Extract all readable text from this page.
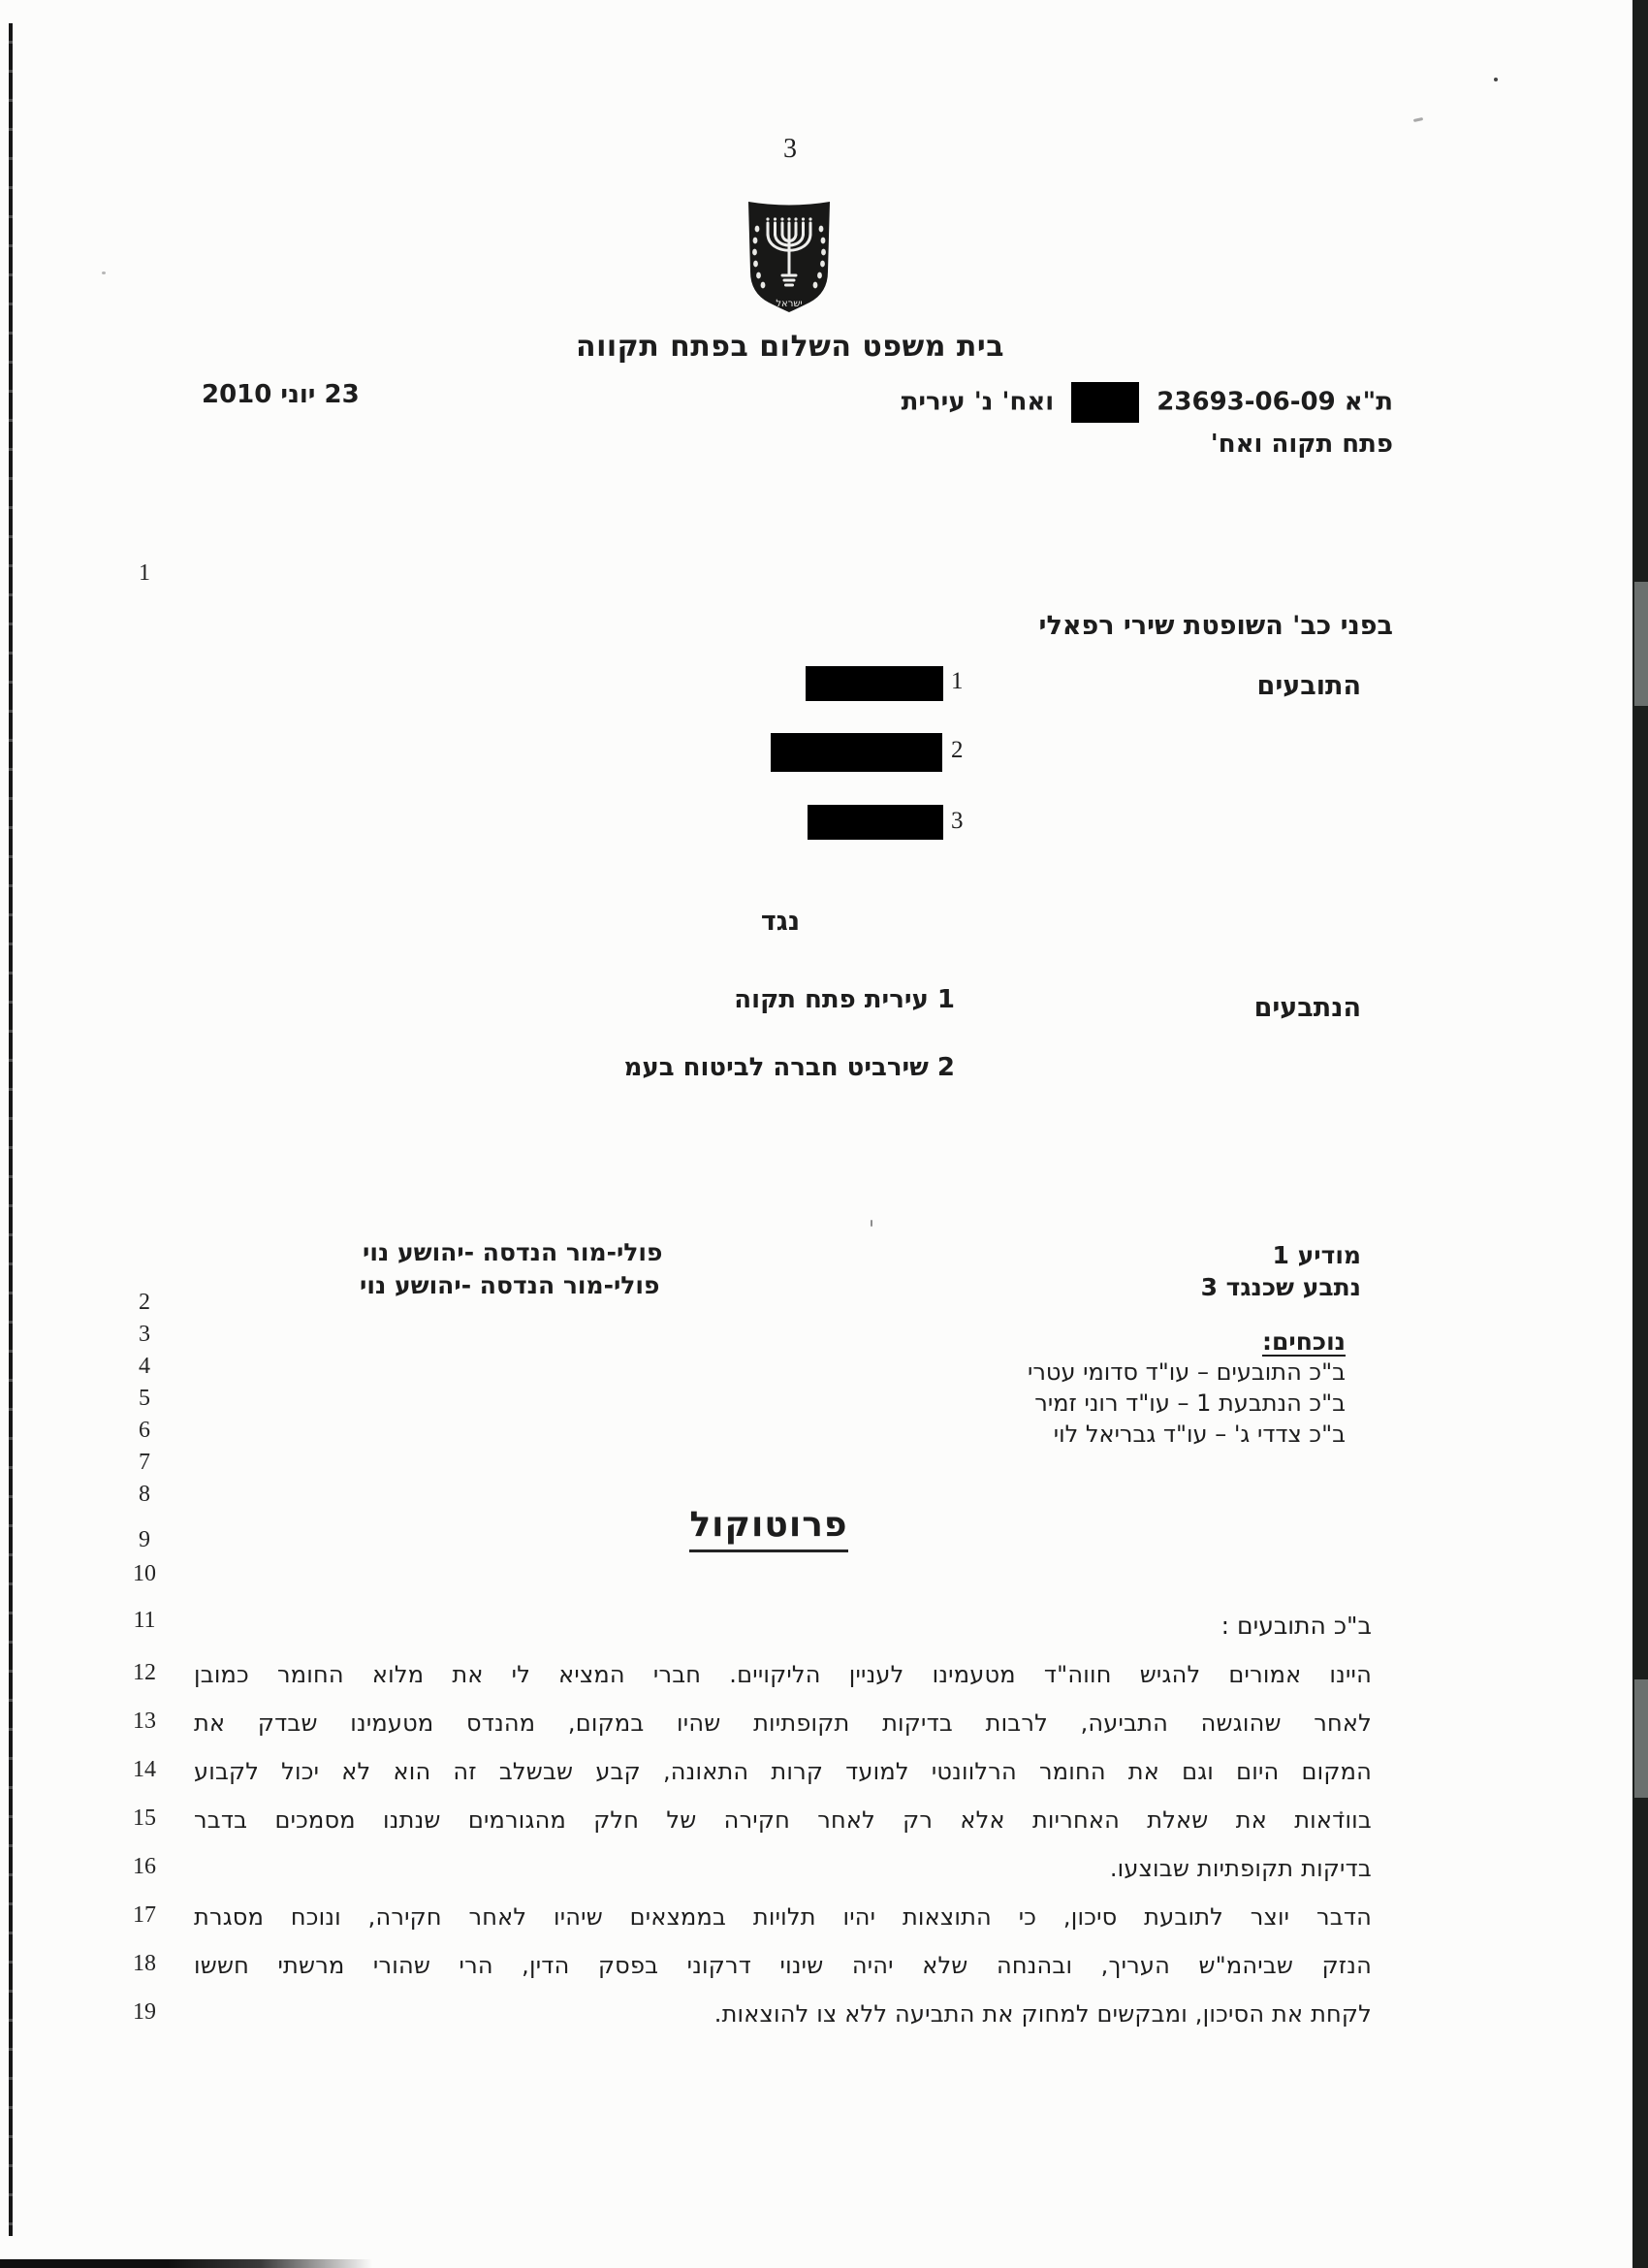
3
ישראל
בית משפט השלום בפתח תקווה
ת"א 23693-06-09  ואח' נ' עירית
פתח תקוה ואח'
23 יוני 2010
בפני כב' השופטת שירי רפאלי
התובעים
1
2
3
נגד
הנתבעים
1 עירית פתח תקוה
2 שירביט חברה לביטוח בעמ
מודיע 1
פולי-מור הנדסה -יהושע נוי
נתבע שכנגד 3
פולי-מור הנדסה -יהושע נוי
נוכחים:
ב"כ התובעים – עו"ד סדומי עטרי
ב"כ הנתבעת 1 – עו"ד רוני זמיר
ב"כ צדדי ג' – עו"ד גבריאל לוי
פרוטוקול
ב"כ התובעים :
היינו אמורים להגיש חווה"ד מטעמינו לעניין הליקויים. חברי המציא לי את מלוא החומר כמובן
לאחר שהוגשה התביעה, לרבות בדיקות תקופתיות שהיו במקום, מהנדס מטעמינו שבדק את
המקום היום וגם את החומר הרלוונטי למועד קרות התאונה, קבע שבשלב זה הוא לא יכול לקבוע
בוודאות את שאלת האחריות אלא רק לאחר חקירה של חלק מהגורמים שנתנו מסמכים בדבר
בדיקות תקופתיות שבוצעו.
הדבר יוצר לתובעת סיכון, כי התוצאות יהיו תלויות בממצאים שיהיו לאחר חקירה, ונוכח מסגרת
הנזק שביהמ"ש העריך, ובהנחה שלא יהיה שינוי דרקוני בפסק הדין, הרי שהורי מרשתי חששו
לקחת את הסיכון, ומבקשים למחוק את התביעה ללא צו להוצאות.
1
2
3
4
5
6
7
8
9
10
11
12
13
14
15
16
17
18
19
